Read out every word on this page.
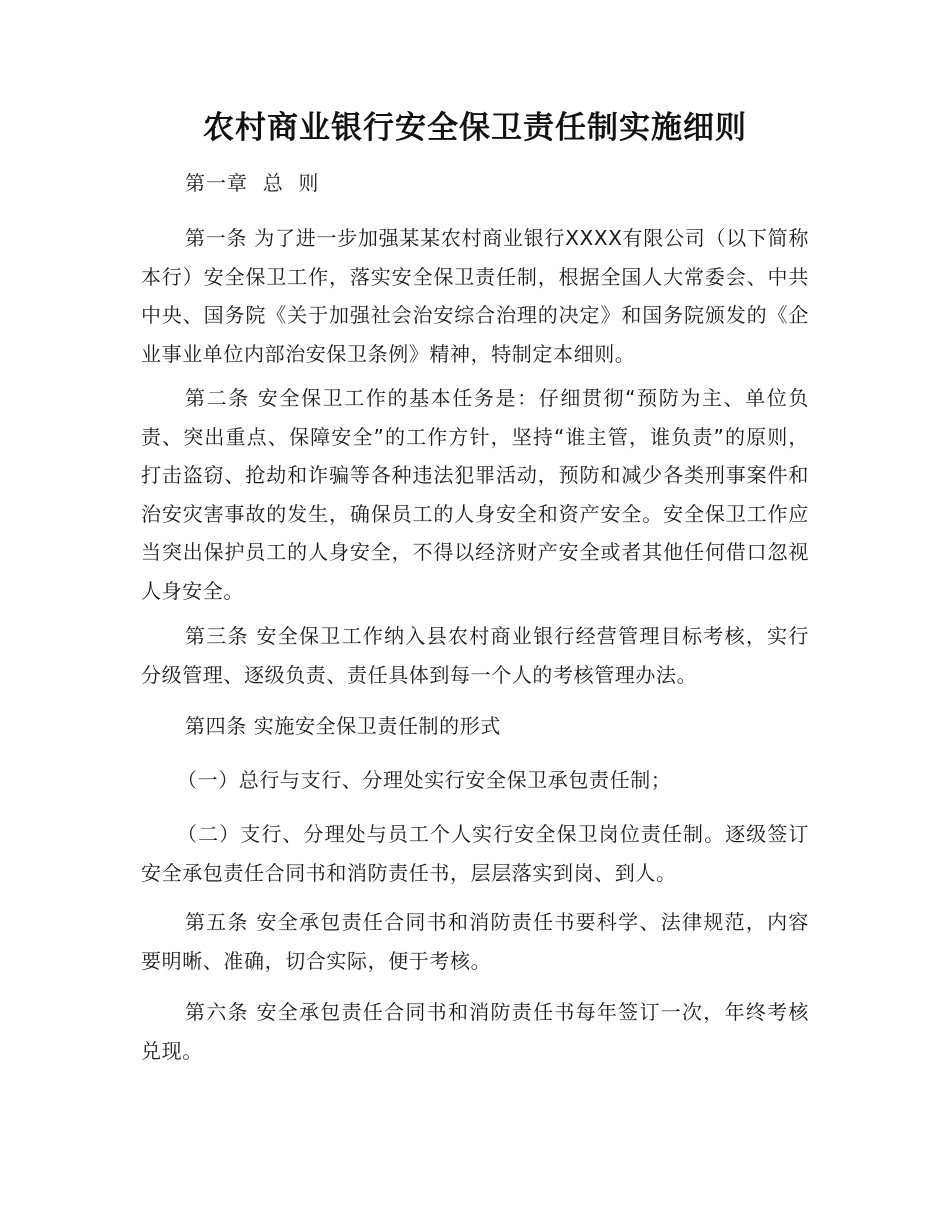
农村商业银行安全保卫责任制实施细则

第一章 总  则

第一条 为了进一步加强某某农村商业银行XXXX有限公司（以下简称本行）安全保卫工作，落实安全保卫责任制，根据全国人大常委会、中共中央、国务院《关于加强社会治安综合治理的决定》和国务院颁发的《企业事业单位内部治安保卫条例》精神，特制定本细则。

第二条 安全保卫工作的基本任务是：仔细贯彻“预防为主、单位负责、突出重点、保障安全”的工作方针，坚持“谁主管，谁负责”的原则，打击盗窃、抢劫和诈骗等各种违法犯罪活动，预防和减少各类刑事案件和治安灾害事故的发生，确保员工的人身安全和资产安全。安全保卫工作应当突出保护员工的人身安全，不得以经济财产安全或者其他任何借口忽视人身安全。

第三条 安全保卫工作纳入县农村商业银行经营管理目标考核，实行分级管理、逐级负责、责任具体到每一个人的考核管理办法。

第四条 实施安全保卫责任制的形式

（一）总行与支行、分理处实行安全保卫承包责任制；

（二）支行、分理处与员工个人实行安全保卫岗位责任制。逐级签订安全承包责任合同书和消防责任书，层层落实到岗、到人。

第五条 安全承包责任合同书和消防责任书要科学、法律规范，内容要明晰、准确，切合实际，便于考核。

第六条 安全承包责任合同书和消防责任书每年签订一次，年终考核兑现。
